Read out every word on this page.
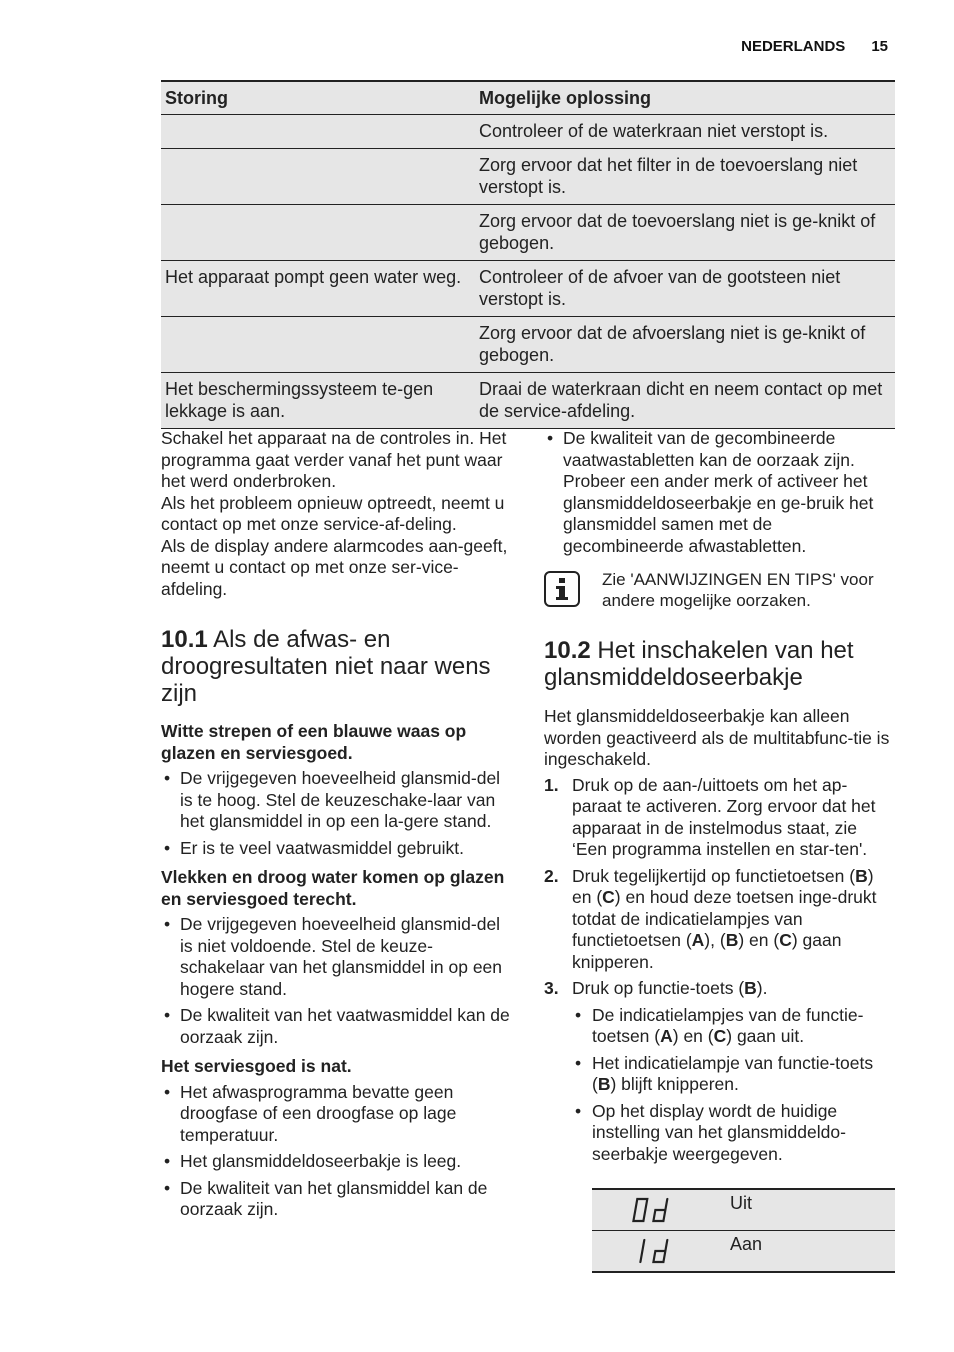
NEDERLANDS 15
Storing	Mogelijke oplossing
	Controleer of de waterkraan niet verstopt is.
	Zorg ervoor dat het filter in de toevoerslang niet verstopt is.
	Zorg ervoor dat de toevoerslang niet is ge-knikt of gebogen.
Het apparaat pompt geen water weg.	Controleer of de afvoer van de gootsteen niet verstopt is.
	Zorg ervoor dat de afvoerslang niet is ge-knikt of gebogen.
Het beschermingssysteem te-gen lekkage is aan.	Draai de waterkraan dicht en neem contact op met de service-afdeling.

Schakel het apparaat na de controles in. Het programma gaat verder vanaf het punt waar het werd onderbroken.

Als het probleem opnieuw optreedt, neemt u contact op met onze service-af-deling.

Als de display andere alarmcodes aan-geeft, neemt u contact op met onze ser-vice-afdeling.

10.1 Als de afwas- en droogresultaten niet naar wens zijn

Witte strepen of een blauwe waas op glazen en serviesgoed.

• De vrijgegeven hoeveelheid glansmid-del is te hoog. Stel de keuzeschake-laar van het glansmiddel in op een la-gere stand.
• Er is te veel vaatwasmiddel gebruikt.

Vlekken en droog water komen op glazen en serviesgoed terecht.

• De vrijgegeven hoeveelheid glansmid-del is niet voldoende. Stel de keuze-schakelaar van het glansmiddel in op een hogere stand.
• De kwaliteit van het vaatwasmiddel kan de oorzaak zijn.

Het serviesgoed is nat.

• Het afwasprogramma bevatte geen droogfase of een droogfase op lage temperatuur.
• Het glansmiddeldoseerbakje is leeg.
• De kwaliteit van het glansmiddel kan de oorzaak zijn.
• De kwaliteit van de gecombineerde vaatwastabletten kan de oorzaak zijn. Probeer een ander merk of activeer het glansmiddeldoseerbakje en ge-bruik het glansmiddel samen met de gecombineerde afwastabletten.
Zie 'AANWIJZINGEN EN TIPS' voor andere mogelijke oorzaken.
10.2 Het inschakelen van het glansmiddeldoseerbakje

Het glansmiddeldoseerbakje kan alleen worden geactiveerd als de multitabfunc-tie is ingeschakeld.

1. Druk op de aan-/uittoets om het ap-paraat te activeren. Zorg ervoor dat het apparaat in de instelmodus staat, zie ‘Een programma instellen en star-ten'.
2. Druk tegelijkertijd op functietoetsen (B) en (C) en houd deze toetsen inge-drukt totdat de indicatielampjes van functietoetsen (A), (B) en (C) gaan knipperen.
3. Druk op functie-toets (B).
• De indicatielampjes van de functie-toetsen (A) en (C) gaan uit.
• Het indicatielampje van functie-toets (B) blijft knipperen.
• Op het display wordt de huidige instelling van het glansmiddeldo-seerbakje weergegeven.
	Uit
	Aan
